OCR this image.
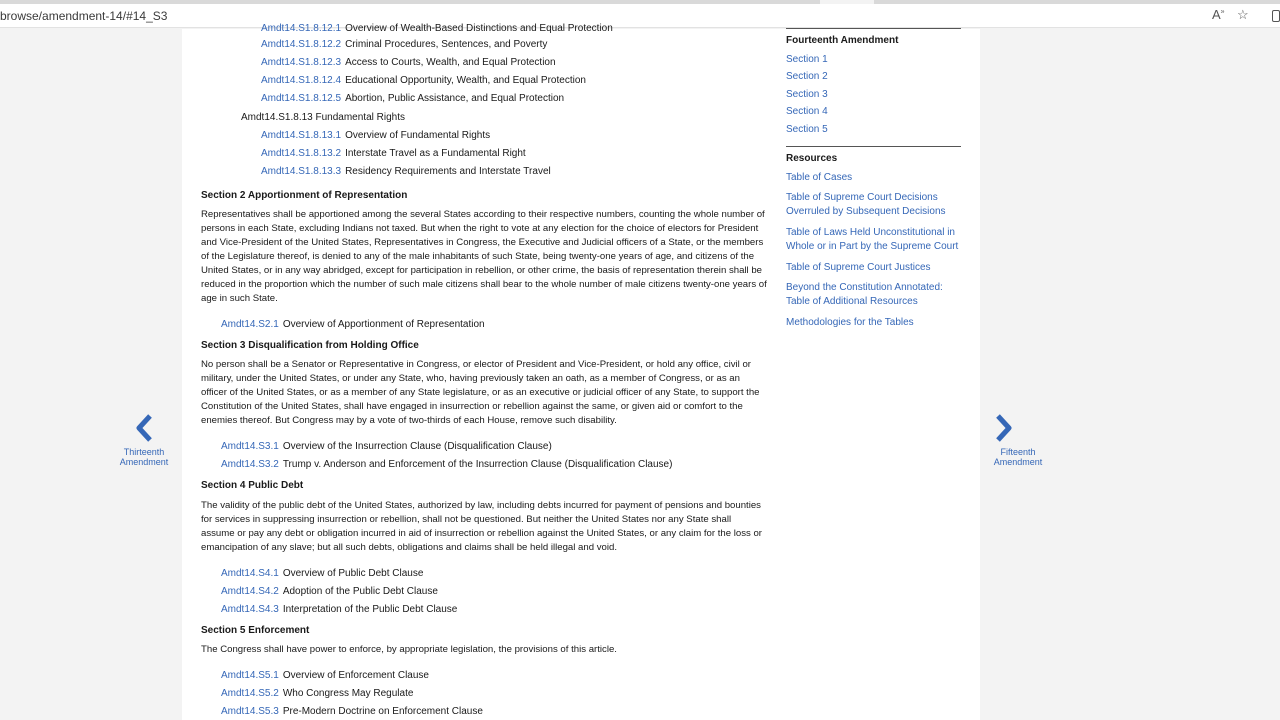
browse/amendment-14/#14_S3	A» ☆
Amdt14.S1.8.12.1 Overview of Wealth-Based Distinctions and Equal Protection
Amdt14.S1.8.12.2 Criminal Procedures, Sentences, and Poverty
Amdt14.S1.8.12.3 Access to Courts, Wealth, and Equal Protection
Amdt14.S1.8.12.4 Educational Opportunity, Wealth, and Equal Protection
Amdt14.S1.8.12.5 Abortion, Public Assistance, and Equal Protection
Amdt14.S1.8.13 Fundamental Rights
Amdt14.S1.8.13.1 Overview of Fundamental Rights
Amdt14.S1.8.13.2 Interstate Travel as a Fundamental Right
Amdt14.S1.8.13.3 Residency Requirements and Interstate Travel
Section 2 Apportionment of Representation
Representatives shall be apportioned among the several States according to their respective numbers, counting the whole number of persons in each State, excluding Indians not taxed. But when the right to vote at any election for the choice of electors for President and Vice-President of the United States, Representatives in Congress, the Executive and Judicial officers of a State, or the members of the Legislature thereof, is denied to any of the male inhabitants of such State, being twenty-one years of age, and citizens of the United States, or in any way abridged, except for participation in rebellion, or other crime, the basis of representation therein shall be reduced in the proportion which the number of such male citizens shall bear to the whole number of male citizens twenty-one years of age in such State.
Amdt14.S2.1 Overview of Apportionment of Representation
Section 3 Disqualification from Holding Office
No person shall be a Senator or Representative in Congress, or elector of President and Vice-President, or hold any office, civil or military, under the United States, or under any State, who, having previously taken an oath, as a member of Congress, or as an officer of the United States, or as a member of any State legislature, or as an executive or judicial officer of any State, to support the Constitution of the United States, shall have engaged in insurrection or rebellion against the same, or given aid or comfort to the enemies thereof. But Congress may by a vote of two-thirds of each House, remove such disability.
Amdt14.S3.1 Overview of the Insurrection Clause (Disqualification Clause)
Amdt14.S3.2 Trump v. Anderson and Enforcement of the Insurrection Clause (Disqualification Clause)
Section 4 Public Debt
The validity of the public debt of the United States, authorized by law, including debts incurred for payment of pensions and bounties for services in suppressing insurrection or rebellion, shall not be questioned. But neither the United States nor any State shall assume or pay any debt or obligation incurred in aid of insurrection or rebellion against the United States, or any claim for the loss or emancipation of any slave; but all such debts, obligations and claims shall be held illegal and void.
Amdt14.S4.1 Overview of Public Debt Clause
Amdt14.S4.2 Adoption of the Public Debt Clause
Amdt14.S4.3 Interpretation of the Public Debt Clause
Section 5 Enforcement
The Congress shall have power to enforce, by appropriate legislation, the provisions of this article.
Amdt14.S5.1 Overview of Enforcement Clause
Amdt14.S5.2 Who Congress May Regulate
Amdt14.S5.3 Pre-Modern Doctrine on Enforcement Clause
Fourteenth Amendment
Section 1
Section 2
Section 3
Section 4
Section 5
Resources
Table of Cases
Table of Supreme Court Decisions Overruled by Subsequent Decisions
Table of Laws Held Unconstitutional in Whole or in Part by the Supreme Court
Table of Supreme Court Justices
Beyond the Constitution Annotated: Table of Additional Resources
Methodologies for the Tables
Thirteenth
Amendment
Fifteenth
Amendment
